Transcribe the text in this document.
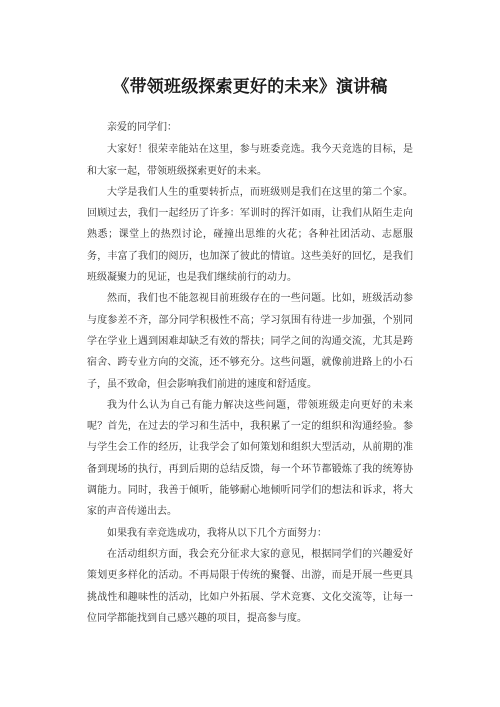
《带领班级探索更好的未来》演讲稿

亲爱的同学们：

大家好！很荣幸能站在这里，参与班委竞选。我今天竞选的目标，是和大家一起，带领班级探索更好的未来。

大学是我们人生的重要转折点，而班级则是我们在这里的第二个家。回顾过去，我们一起经历了许多：军训时的挥汗如雨，让我们从陌生走向熟悉；课堂上的热烈讨论，碰撞出思维的火花；各种社团活动、志愿服务，丰富了我们的阅历，也加深了彼此的情谊。这些美好的回忆，是我们班级凝聚力的见证，也是我们继续前行的动力。

然而，我们也不能忽视目前班级存在的一些问题。比如，班级活动参与度参差不齐，部分同学积极性不高；学习氛围有待进一步加强，个别同学在学业上遇到困难却缺乏有效的帮扶；同学之间的沟通交流，尤其是跨宿舍、跨专业方向的交流，还不够充分。这些问题，就像前进路上的小石子，虽不致命，但会影响我们前进的速度和舒适度。

我为什么认为自己有能力解决这些问题，带领班级走向更好的未来呢？首先，在过去的学习和生活中，我积累了一定的组织和沟通经验。参与学生会工作的经历，让我学会了如何策划和组织大型活动，从前期的准备到现场的执行，再到后期的总结反馈，每一个环节都锻炼了我的统筹协调能力。同时，我善于倾听，能够耐心地倾听同学们的想法和诉求，将大家的声音传递出去。

如果我有幸竞选成功，我将从以下几个方面努力：

在活动组织方面，我会充分征求大家的意见，根据同学们的兴趣爱好策划更多样化的活动。不再局限于传统的聚餐、出游，而是开展一些更具挑战性和趣味性的活动，比如户外拓展、学术竞赛、文化交流等，让每一位同学都能找到自己感兴趣的项目，提高参与度。
